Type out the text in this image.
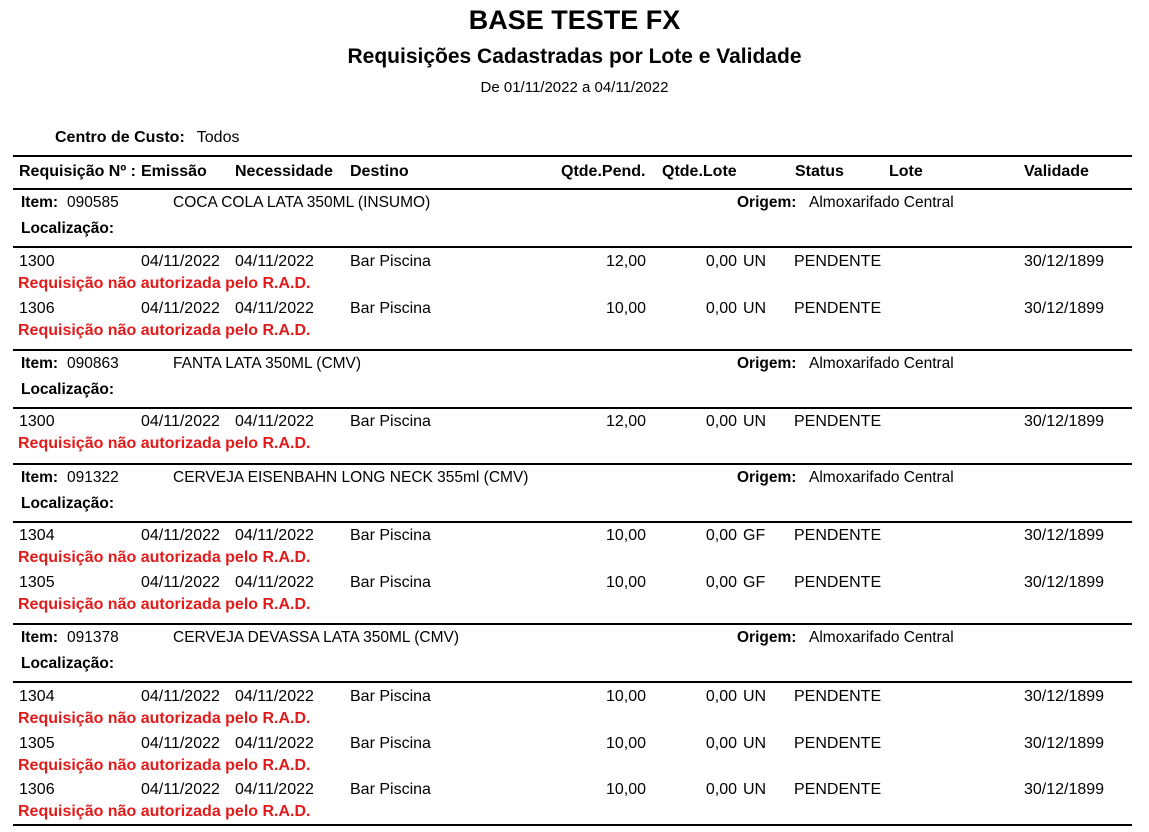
BASE TESTE FX
Requisições Cadastradas por Lote e Validade
De 01/11/2022 a 04/11/2022
Centro de Custo: Todos
Requisição Nº : Emissão Necessidade Destino	Qtde.Pend. Qtde.Lote	Status	Lote	Validade
Item: 090585	COCA COLA LATA 350ML (INSUMO)	Origem: Almoxarifado Central
Localização:
1300	04/11/2022 04/11/2022 Bar Piscina	12,00	0,00 UN PENDENTE	30/12/1899
Requisição não autorizada pelo R.A.D.
1306	04/11/2022 04/11/2022 Bar Piscina	10,00	0,00 UN PENDENTE	30/12/1899
Requisição não autorizada pelo R.A.D.
Item: 090863	FANTA LATA 350ML (CMV)	Origem: Almoxarifado Central
Localização:
1300	04/11/2022 04/11/2022 Bar Piscina	12,00	0,00 UN PENDENTE	30/12/1899
Requisição não autorizada pelo R.A.D.
Item: 091322	CERVEJA EISENBAHN LONG NECK 355ml (CMV)	Origem: Almoxarifado Central
Localização:
1304	04/11/2022 04/11/2022 Bar Piscina	10,00	0,00 GF PENDENTE	30/12/1899
Requisição não autorizada pelo R.A.D.
1305	04/11/2022 04/11/2022 Bar Piscina	10,00	0,00 GF PENDENTE	30/12/1899
Requisição não autorizada pelo R.A.D.
Item: 091378	CERVEJA DEVASSA LATA 350ML (CMV)	Origem: Almoxarifado Central
Localização:
1304	04/11/2022 04/11/2022 Bar Piscina	10,00	0,00 UN PENDENTE	30/12/1899
Requisição não autorizada pelo R.A.D.
1305	04/11/2022 04/11/2022 Bar Piscina	10,00	0,00 UN PENDENTE	30/12/1899
Requisição não autorizada pelo R.A.D.
1306	04/11/2022 04/11/2022 Bar Piscina	10,00	0,00 UN PENDENTE	30/12/1899
Requisição não autorizada pelo R.A.D.
